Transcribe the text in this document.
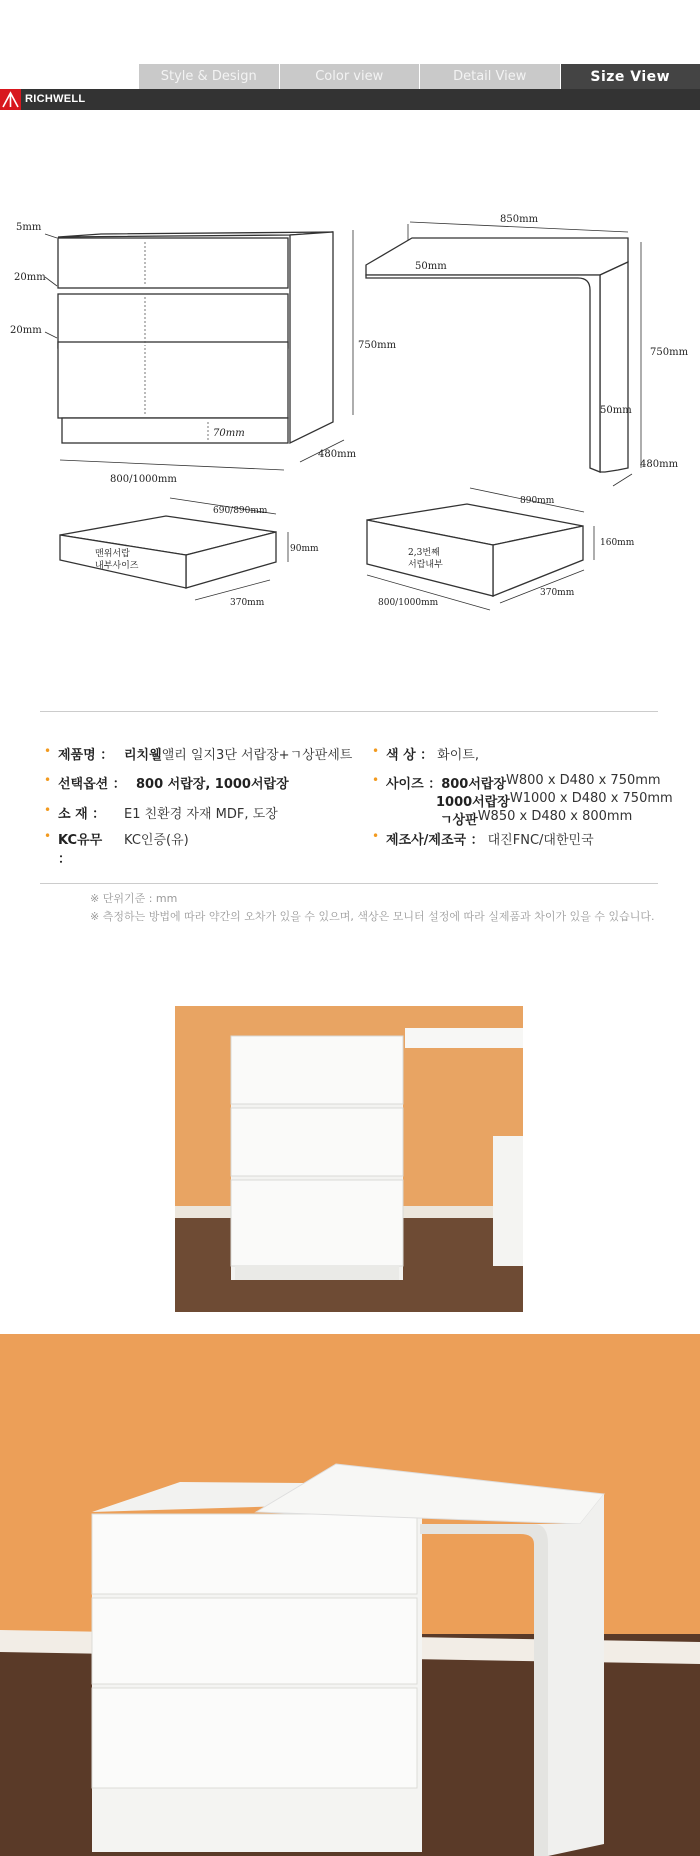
Style & Design	Color view	Detail View	Size View
RICHWELL
5mm
20mm
20mm
750mm
70mm
800/1000mm
480mm
850mm
50mm
750mm
50mm
480mm
맨위서랍
내부사이즈
690/890mm
90mm
370mm
2,3번째
서랍내부
890mm
160mm
370mm
800/1000mm
• 제품명 ： 리치웰 앨리 일지3단 서랍장+ㄱ상판세트 • 색 상 ： 화이트,
• 선택옵션 ： 800 서랍장, 1000서랍장	• 사이즈 ： 800서랍장 W800 x D480 x 750mm
1000서랍장 W1000 x D480 x 750mm
ㄱ상판 W850 x D480 x 800mm
• 소 재 ：	E1 친환경 자재 MDF, 도장
• KC유무 ：
KC인증(유)	• 제조사/제조국 ： 대진FNC/대한민국
※ 단위기준 : mm
※ 측정하는 방법에 따라 약간의 오차가 있을 수 있으며, 색상은 모니터 설정에 따라 실제품과 차이가 있을 수 있습니다.
